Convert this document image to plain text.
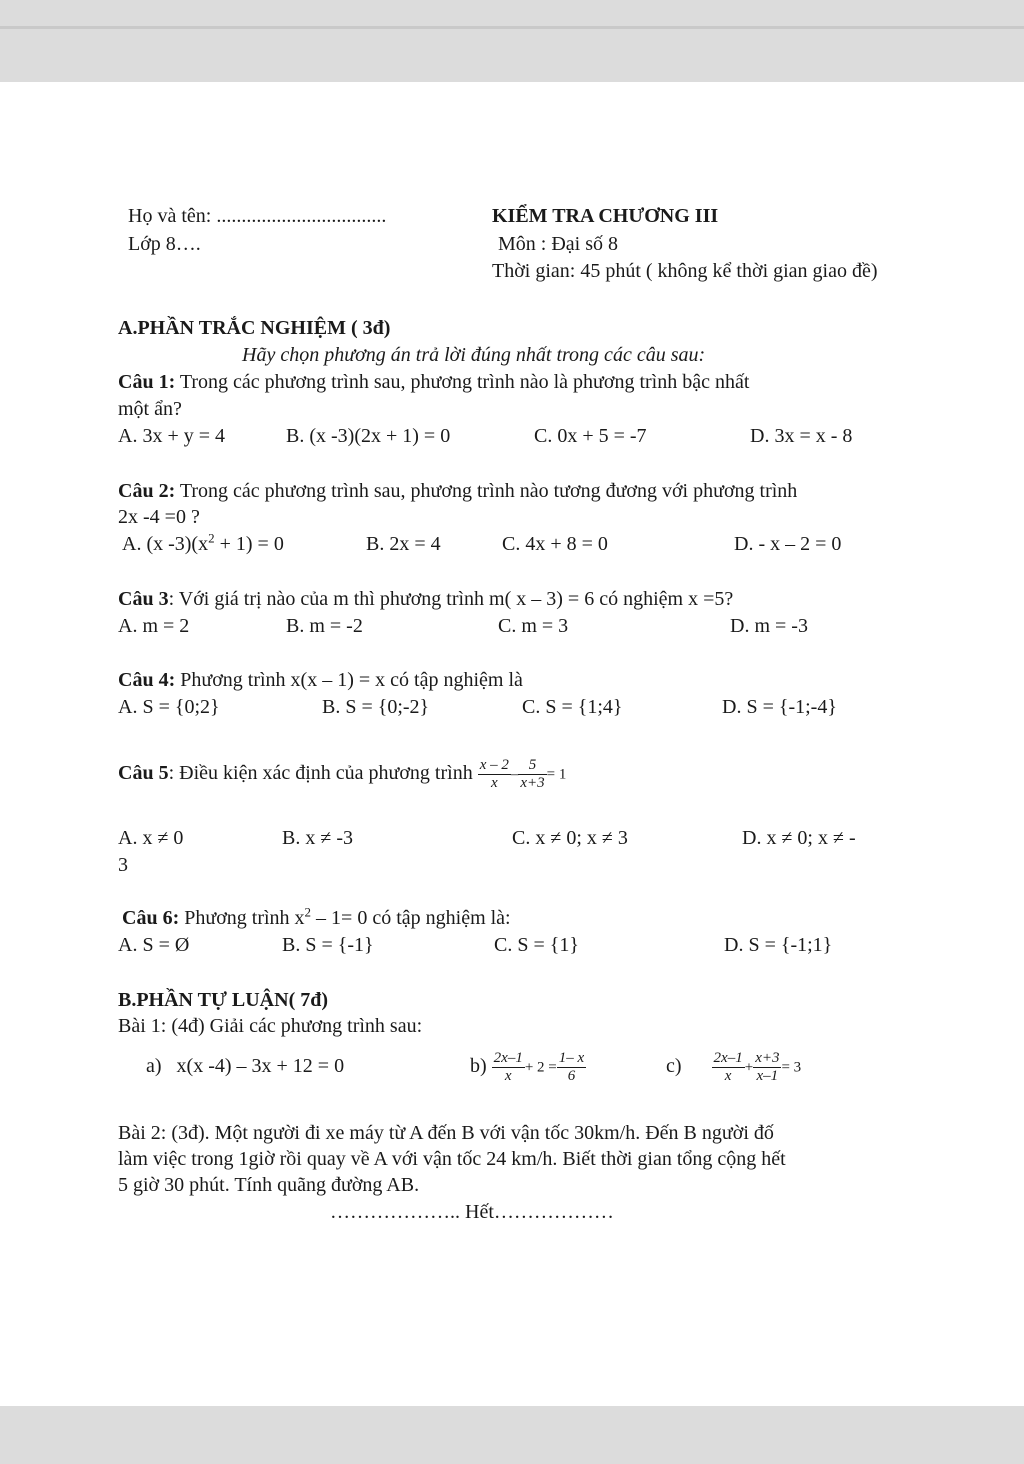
Họ và tên: ..................................
Lớp 8….
KIỂM TRA CHƯƠNG III
Môn : Đại số 8
Thời gian: 45 phút ( không kể thời gian giao đề)
A.PHẦN TRẮC NGHIỆM ( 3đ)
Hãy chọn phương án trả lời đúng nhất trong các câu sau:
Câu 1: Trong các phương trình sau, phương trình nào là phương trình bậc nhất
một ẩn?
A. 3x + y = 4	B. (x -3)(2x + 1) = 0	C. 0x + 5 = -7	D. 3x = x - 8
Câu 2: Trong các phương trình sau, phương trình nào tương đương với phương trình
2x -4 =0 ?
A. (x $-3)(x^2 + 1) = 0$	B. 2x = 4	C. 4x + 8 = 0	D. - x – 2 = 0
Câu 3: Với giá trị nào của m thì phương trình m( x – 3) = 6 có nghiệm x =5?
A. m = 2	B. m = -2	C. m = 3	D. m = -3
Câu 4: Phương trình x(x – 1) = x có tập nghiệm là
A. S = {0;2}	B. S = {0;-2}	C. S = {1;4}	D. S = {-1;-4}
Câu 5: Điều kiện xác định của phương trình $\frac{x - 2}{x} - \frac{5}{x+3} = 1$
A. x ≠ 0	B. x ≠ -3	C. x ≠ 0; x ≠ 3	D. x ≠ 0; x ≠ -
3
Câu 6: Phương trình $x^2 - 1= 0$ có tập nghiệm là:
A. S = Ø	B. S = {-1}	C. S = {1}	D. S = {-1;1}
B.PHẦN TỰ LUẬN( 7đ)
Bài 1: (4đ) Giải các phương trình sau:
a) x(x -4) – 3x + 12 = 0	$b) \frac{2x-1}{x} + 2 = \frac{1- x}{6}$	$c) \frac{2x-1}{x} + \frac{x+3}{x-1} = 3$
Bài 2: (3đ). Một người đi xe máy từ A đến B với vận tốc 30km/h. Đến B người đố
làm việc trong 1giờ rồi quay về A với vận tốc 24 km/h. Biết thời gian tổng cộng hết
5 giờ 30 phút. Tính quãng đường AB.
……………….. Hết………………
